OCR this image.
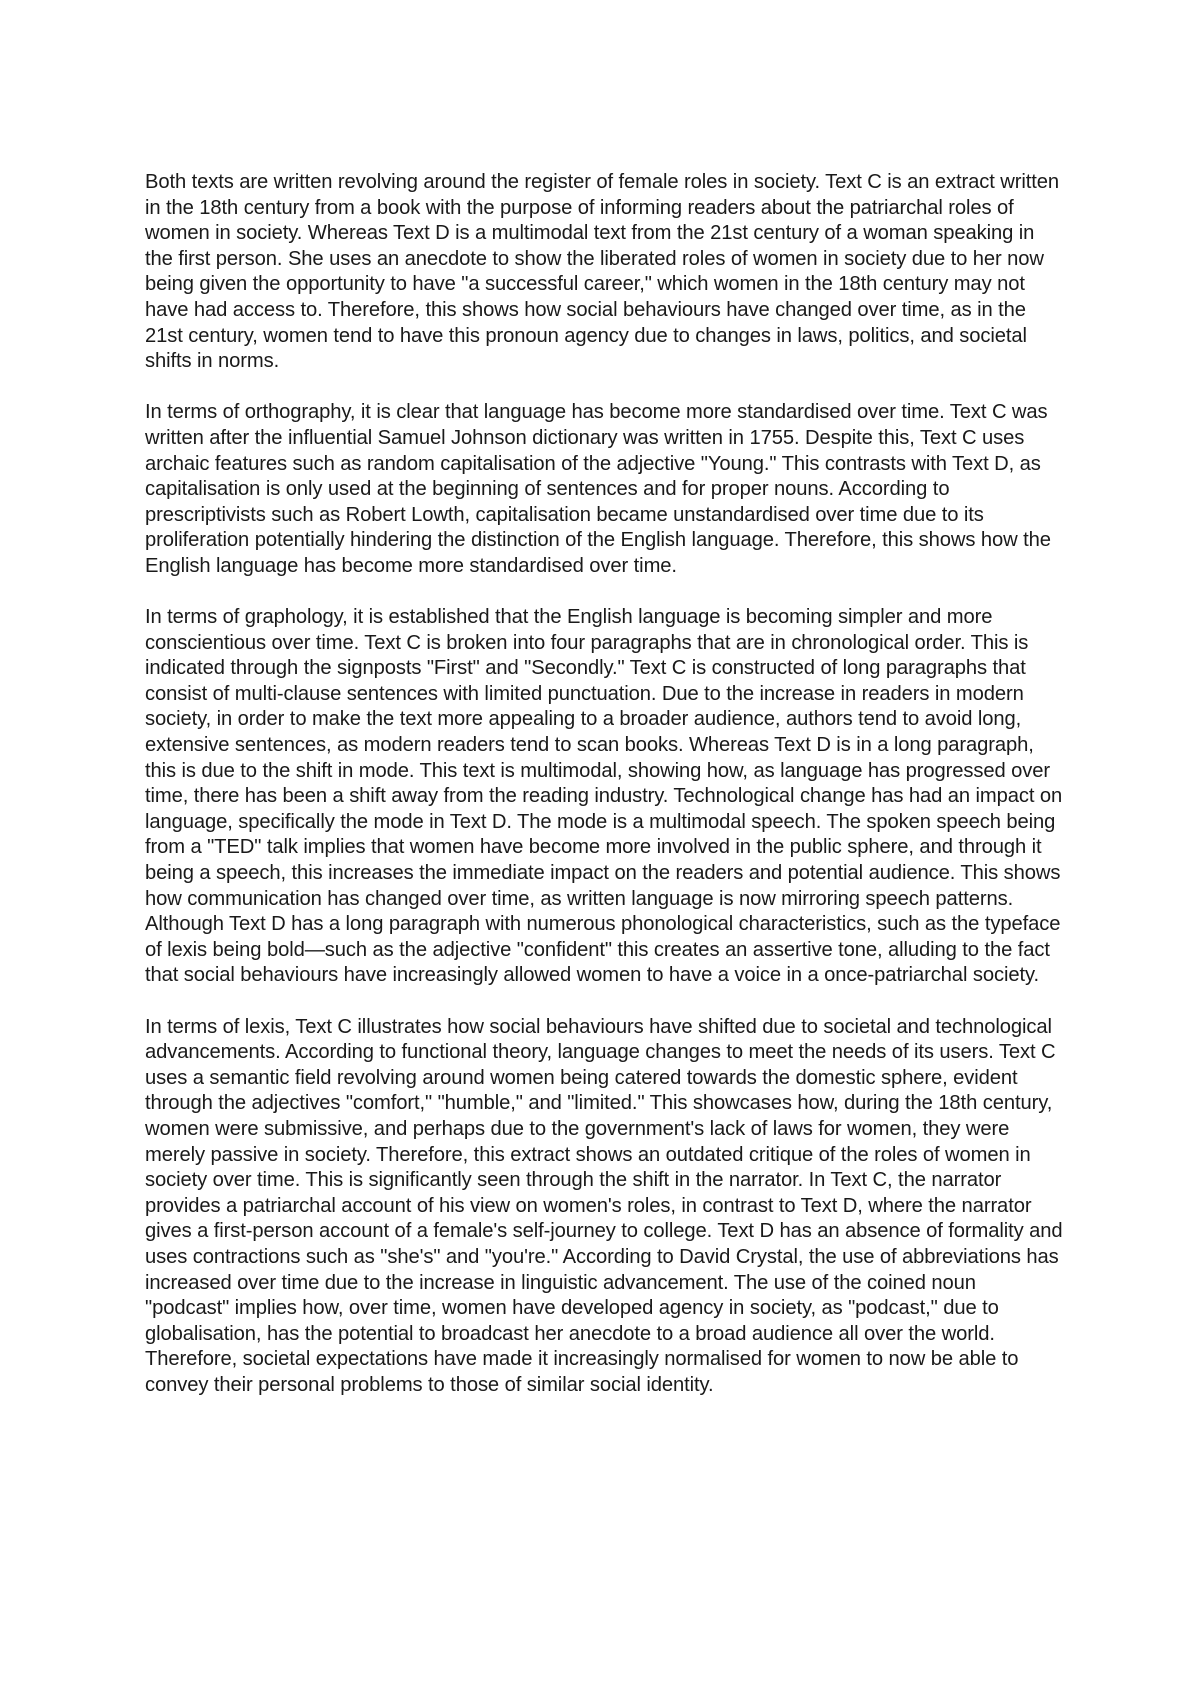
Both texts are written revolving around the register of female roles in society. Text C is an extract written in the 18th century from a book with the purpose of informing readers about the patriarchal roles of women in society. Whereas Text D is a multimodal text from the 21st century of a woman speaking in the first person. She uses an anecdote to show the liberated roles of women in society due to her now being given the opportunity to have "a successful career," which women in the 18th century may not have had access to. Therefore, this shows how social behaviours have changed over time, as in the 21st century, women tend to have this pronoun agency due to changes in laws, politics, and societal shifts in norms.

In terms of orthography, it is clear that language has become more standardised over time. Text C was written after the influential Samuel Johnson dictionary was written in 1755. Despite this, Text C uses archaic features such as random capitalisation of the adjective "Young." This contrasts with Text D, as capitalisation is only used at the beginning of sentences and for proper nouns. According to prescriptivists such as Robert Lowth, capitalisation became unstandardised over time due to its proliferation potentially hindering the distinction of the English language. Therefore, this shows how the English language has become more standardised over time.

In terms of graphology, it is established that the English language is becoming simpler and more conscientious over time. Text C is broken into four paragraphs that are in chronological order. This is indicated through the signposts "First" and "Secondly." Text C is constructed of long paragraphs that consist of multi-clause sentences with limited punctuation. Due to the increase in readers in modern society, in order to make the text more appealing to a broader audience, authors tend to avoid long, extensive sentences, as modern readers tend to scan books. Whereas Text D is in a long paragraph, this is due to the shift in mode. This text is multimodal, showing how, as language has progressed over time, there has been a shift away from the reading industry. Technological change has had an impact on language, specifically the mode in Text D. The mode is a multimodal speech. The spoken speech being from a "TED" talk implies that women have become more involved in the public sphere, and through it being a speech, this increases the immediate impact on the readers and potential audience. This shows how communication has changed over time, as written language is now mirroring speech patterns. Although Text D has a long paragraph with numerous phonological characteristics, such as the typeface of lexis being bold—such as the adjective "confident" this creates an assertive tone, alluding to the fact that social behaviours have increasingly allowed women to have a voice in a once-patriarchal society.

In terms of lexis, Text C illustrates how social behaviours have shifted due to societal and technological advancements. According to functional theory, language changes to meet the needs of its users. Text C uses a semantic field revolving around women being catered towards the domestic sphere, evident through the adjectives "comfort," "humble," and "limited." This showcases how, during the 18th century, women were submissive, and perhaps due to the government's lack of laws for women, they were merely passive in society. Therefore, this extract shows an outdated critique of the roles of women in society over time. This is significantly seen through the shift in the narrator. In Text C, the narrator provides a patriarchal account of his view on women's roles, in contrast to Text D, where the narrator gives a first-person account of a female's self-journey to college. Text D has an absence of formality and uses contractions such as "she's" and "you're." According to David Crystal, the use of abbreviations has increased over time due to the increase in linguistic advancement. The use of the coined noun "podcast" implies how, over time, women have developed agency in society, as "podcast," due to globalisation, has the potential to broadcast her anecdote to a broad audience all over the world. Therefore, societal expectations have made it increasingly normalised for women to now be able to convey their personal problems to those of similar social identity.
